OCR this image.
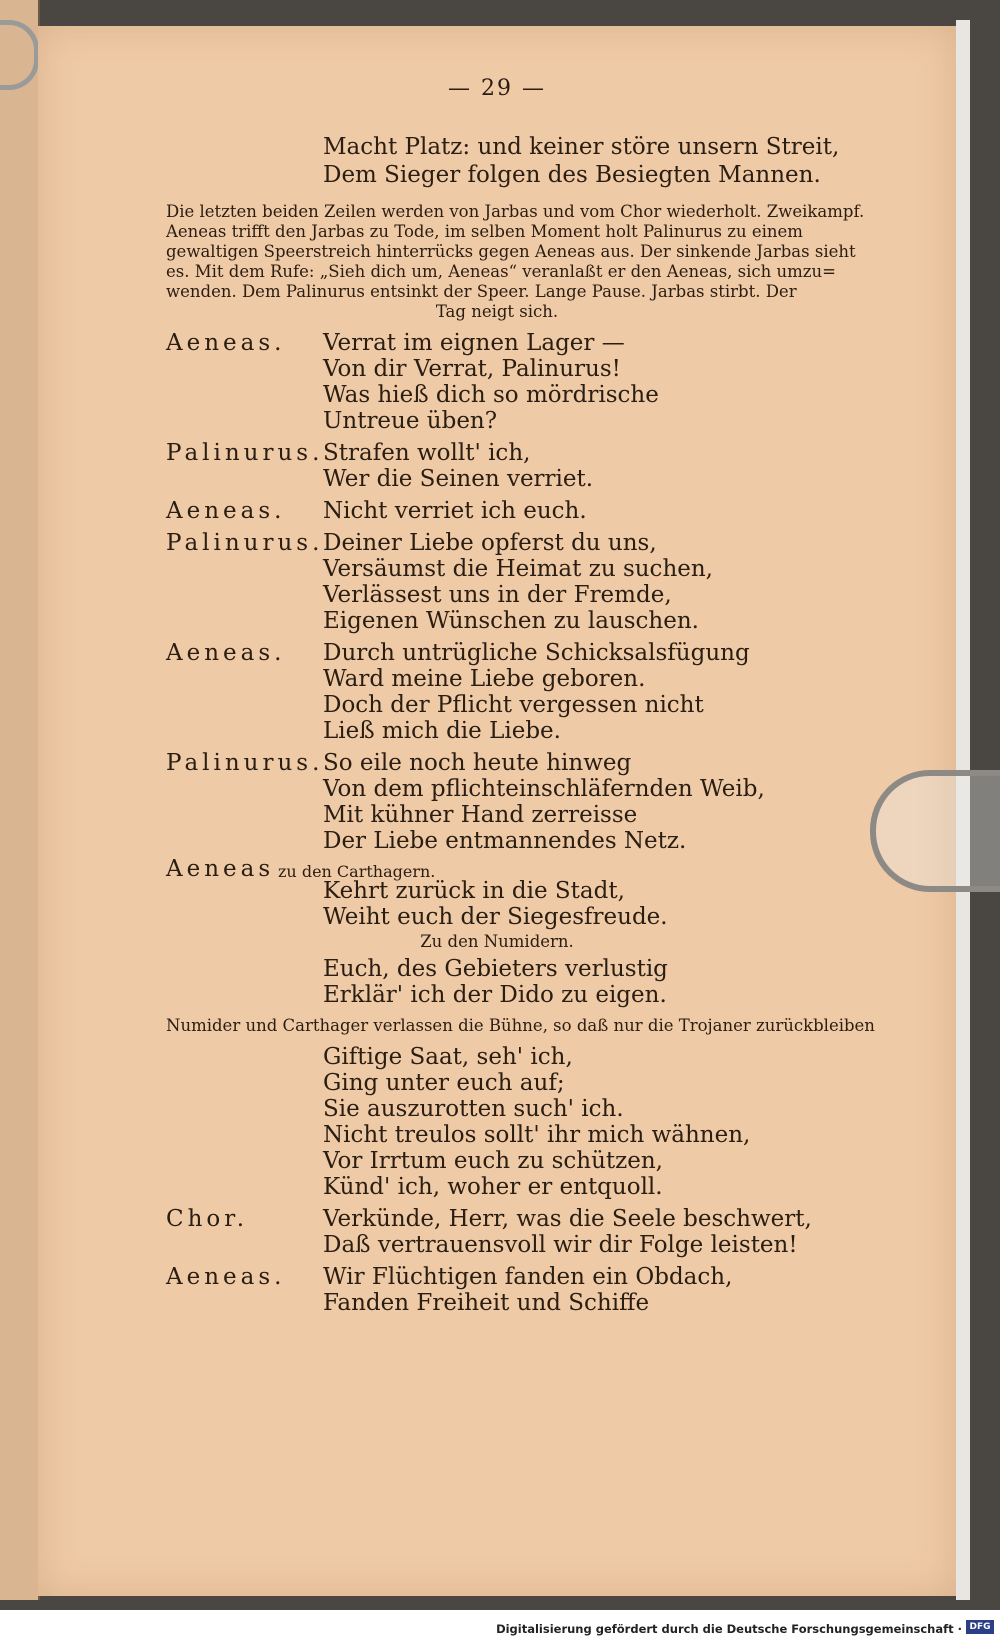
— 29 —
Macht Platz: und keiner störe unsern Streit,
Dem Sieger folgen des Besiegten Mannen.
Die letzten beiden Zeilen werden von Jarbas und vom Chor wiederholt. Zweikampf.
Aeneas trifft den Jarbas zu Tode, im selben Moment holt Palinurus zu einem
gewaltigen Speerstreich hinterrücks gegen Aeneas aus. Der sinkende Jarbas sieht
es. Mit dem Rufe: „Sieh dich um, Aeneas“ veranlaßt er den Aeneas, sich umzu=
wenden. Dem Palinurus entsinkt der Speer. Lange Pause. Jarbas stirbt. Der
Tag neigt sich.
Aeneas. Verrat im eignen Lager —
Von dir Verrat, Palinurus!
Was hieß dich so mördrische
Untreue üben?
Palinurus. Strafen wollt' ich,
Wer die Seinen verriet.
Aeneas. Nicht verriet ich euch.
Palinurus. Deiner Liebe opferst du uns,
Versäumst die Heimat zu suchen,
Verlässest uns in der Fremde,
Eigenen Wünschen zu lauschen.
Aeneas. Durch untrügliche Schicksalsfügung
Ward meine Liebe geboren.
Doch der Pflicht vergessen nicht
Ließ mich die Liebe.
Palinurus. So eile noch heute hinweg
Von dem pflichteinschläfernden Weib,
Mit kühner Hand zerreisse
Der Liebe entmannendes Netz.
Aeneas zu den Carthagern.
Kehrt zurück in die Stadt,
Weiht euch der Siegesfreude.
Zu den Numidern.
Euch, des Gebieters verlustig
Erklär' ich der Dido zu eigen.
Numider und Carthager verlassen die Bühne, so daß nur die Trojaner zurückbleiben
Giftige Saat, seh' ich,
Ging unter euch auf;
Sie auszurotten such' ich.
Nicht treulos sollt' ihr mich wähnen,
Vor Irrtum euch zu schützen,
Künd' ich, woher er entquoll.
Chor.	Verkünde, Herr, was die Seele beschwert,
Daß vertrauensvoll wir dir Folge leisten!
Aeneas. Wir Flüchtigen fanden ein Obdach,
Fanden Freiheit und Schiffe
Digitalisierung gefördert durch die Deutsche Forschungsgemeinschaft · DFG
